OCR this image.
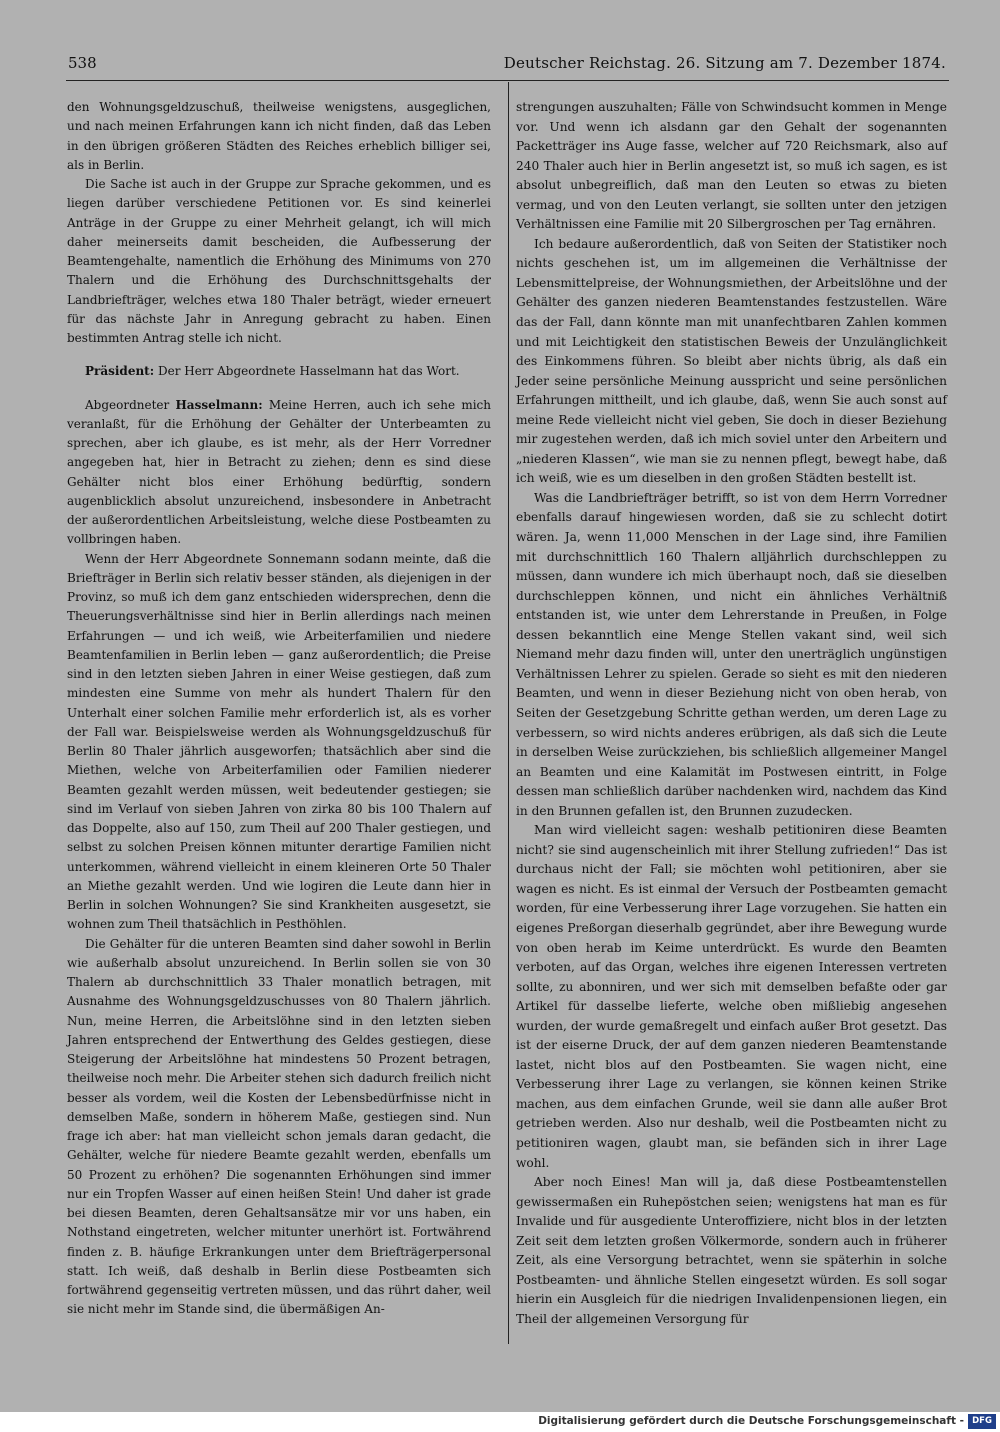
538	Deutscher Reichstag. 26. Sitzung am 7. Dezember 1874.

den Wohnungsgeldzuschuß, theilweise wenigstens, ausgeglichen, und nach meinen Erfahrungen kann ich nicht finden, daß das Leben in den übrigen größeren Städten des Reiches erheblich billiger sei, als in Berlin.

Die Sache ist auch in der Gruppe zur Sprache gekommen, und es liegen darüber verschiedene Petitionen vor. Es sind keinerlei Anträge in der Gruppe zu einer Mehrheit gelangt, ich will mich daher meinerseits damit bescheiden, die Aufbesserung der Beamtengehalte, namentlich die Erhöhung des Minimums von 270 Thalern und die Erhöhung des Durchschnittsgehalts der Landbriefträger, welches etwa 180 Thaler beträgt, wieder erneuert für das nächste Jahr in Anregung gebracht zu haben. Einen bestimmten Antrag stelle ich nicht.

Präsident: Der Herr Abgeordnete Hasselmann hat das Wort.

Abgeordneter Hasselmann: Meine Herren, auch ich sehe mich veranlaßt, für die Erhöhung der Gehälter der Unterbeamten zu sprechen, aber ich glaube, es ist mehr, als der Herr Vorredner angegeben hat, hier in Betracht zu ziehen; denn es sind diese Gehälter nicht blos einer Erhöhung bedürftig, sondern augenblicklich absolut unzureichend, insbesondere in Anbetracht der außerordentlichen Arbeitsleistung, welche diese Postbeamten zu vollbringen haben.

Wenn der Herr Abgeordnete Sonnemann sodann meinte, daß die Briefträger in Berlin sich relativ besser ständen, als diejenigen in der Provinz, so muß ich dem ganz entschieden widersprechen, denn die Theuerungsverhältnisse sind hier in Berlin allerdings nach meinen Erfahrungen — und ich weiß, wie Arbeiterfamilien und niedere Beamtenfamilien in Berlin leben — ganz außerordentlich; die Preise sind in den letzten sieben Jahren in einer Weise gestiegen, daß zum mindesten eine Summe von mehr als hundert Thalern für den Unterhalt einer solchen Familie mehr erforderlich ist, als es vorher der Fall war. Beispielsweise werden als Wohnungsgeldzuschuß für Berlin 80 Thaler jährlich ausgeworfen; thatsächlich aber sind die Miethen, welche von Arbeiterfamilien oder Familien niederer Beamten gezahlt werden müssen, weit bedeutender gestiegen; sie sind im Verlauf von sieben Jahren von zirka 80 bis 100 Thalern auf das Doppelte, also auf 150, zum Theil auf 200 Thaler gestiegen, und selbst zu solchen Preisen können mitunter derartige Familien nicht unterkommen, während vielleicht in einem kleineren Orte 50 Thaler an Miethe gezahlt werden. Und wie logiren die Leute dann hier in Berlin in solchen Wohnungen? Sie sind Krankheiten ausgesetzt, sie wohnen zum Theil thatsächlich in Pesthöhlen.

Die Gehälter für die unteren Beamten sind daher sowohl in Berlin wie außerhalb absolut unzureichend. In Berlin sollen sie von 30 Thalern ab durchschnittlich 33 Thaler monatlich betragen, mit Ausnahme des Wohnungsgeldzuschusses von 80 Thalern jährlich. Nun, meine Herren, die Arbeitslöhne sind in den letzten sieben Jahren entsprechend der Entwerthung des Geldes gestiegen, diese Steigerung der Arbeitslöhne hat mindestens 50 Prozent betragen, theilweise noch mehr. Die Arbeiter stehen sich dadurch freilich nicht besser als vordem, weil die Kosten der Lebensbedürfnisse nicht in demselben Maße, sondern in höherem Maße, gestiegen sind. Nun frage ich aber: hat man vielleicht schon jemals daran gedacht, die Gehälter, welche für niedere Beamte gezahlt werden, ebenfalls um 50 Prozent zu erhöhen? Die sogenannten Erhöhungen sind immer nur ein Tropfen Wasser auf einen heißen Stein! Und daher ist grade bei diesen Beamten, deren Gehaltsansätze mir vor uns haben, ein Nothstand eingetreten, welcher mitunter unerhört ist. Fortwährend finden z. B. häufige Erkrankungen unter dem Briefträgerpersonal statt. Ich weiß, daß deshalb in Berlin diese Postbeamten sich fortwährend gegenseitig vertreten müssen, und das rührt daher, weil sie nicht mehr im Stande sind, die übermäßigen An-

strengungen auszuhalten; Fälle von Schwindsucht kommen in Menge vor. Und wenn ich alsdann gar den Gehalt der sogenannten Packetträger ins Auge fasse, welcher auf 720 Reichsmark, also auf 240 Thaler auch hier in Berlin angesetzt ist, so muß ich sagen, es ist absolut unbegreiflich, daß man den Leuten so etwas zu bieten vermag, und von den Leuten verlangt, sie sollten unter den jetzigen Verhältnissen eine Familie mit 20 Silbergroschen per Tag ernähren.

Ich bedaure außerordentlich, daß von Seiten der Statistiker noch nichts geschehen ist, um im allgemeinen die Verhältnisse der Lebensmittelpreise, der Wohnungsmiethen, der Arbeitslöhne und der Gehälter des ganzen niederen Beamtenstandes festzustellen. Wäre das der Fall, dann könnte man mit unanfechtbaren Zahlen kommen und mit Leichtigkeit den statistischen Beweis der Unzulänglichkeit des Einkommens führen. So bleibt aber nichts übrig, als daß ein Jeder seine persönliche Meinung ausspricht und seine persönlichen Erfahrungen mittheilt, und ich glaube, daß, wenn Sie auch sonst auf meine Rede vielleicht nicht viel geben, Sie doch in dieser Beziehung mir zugestehen werden, daß ich mich soviel unter den Arbeitern und „niederen Klassen“, wie man sie zu nennen pflegt, bewegt habe, daß ich weiß, wie es um dieselben in den großen Städten bestellt ist.

Was die Landbriefträger betrifft, so ist von dem Herrn Vorredner ebenfalls darauf hingewiesen worden, daß sie zu schlecht dotirt wären. Ja, wenn 11,000 Menschen in der Lage sind, ihre Familien mit durchschnittlich 160 Thalern alljährlich durchschleppen zu müssen, dann wundere ich mich überhaupt noch, daß sie dieselben durchschleppen können, und nicht ein ähnliches Verhältniß entstanden ist, wie unter dem Lehrerstande in Preußen, in Folge dessen bekanntlich eine Menge Stellen vakant sind, weil sich Niemand mehr dazu finden will, unter den unerträglich ungünstigen Verhältnissen Lehrer zu spielen. Gerade so sieht es mit den niederen Beamten, und wenn in dieser Beziehung nicht von oben herab, von Seiten der Gesetzgebung Schritte gethan werden, um deren Lage zu verbessern, so wird nichts anderes erübrigen, als daß sich die Leute in derselben Weise zurückziehen, bis schließlich allgemeiner Mangel an Beamten und eine Kalamität im Postwesen eintritt, in Folge dessen man schließlich darüber nachdenken wird, nachdem das Kind in den Brunnen gefallen ist, den Brunnen zuzudecken.

Man wird vielleicht sagen: weshalb petitioniren diese Beamten nicht? sie sind augenscheinlich mit ihrer Stellung zufrieden!“ Das ist durchaus nicht der Fall; sie möchten wohl petitioniren, aber sie wagen es nicht. Es ist einmal der Versuch der Postbeamten gemacht worden, für eine Verbesserung ihrer Lage vorzugehen. Sie hatten ein eigenes Preßorgan dieserhalb gegründet, aber ihre Bewegung wurde von oben herab im Keime unterdrückt. Es wurde den Beamten verboten, auf das Organ, welches ihre eigenen Interessen vertreten sollte, zu abonniren, und wer sich mit demselben befaßte oder gar Artikel für dasselbe lieferte, welche oben mißliebig angesehen wurden, der wurde gemaßregelt und einfach außer Brot gesetzt. Das ist der eiserne Druck, der auf dem ganzen niederen Beamtenstande lastet, nicht blos auf den Postbeamten. Sie wagen nicht, eine Verbesserung ihrer Lage zu verlangen, sie können keinen Strike machen, aus dem einfachen Grunde, weil sie dann alle außer Brot getrieben werden. Also nur deshalb, weil die Postbeamten nicht zu petitioniren wagen, glaubt man, sie befänden sich in ihrer Lage wohl.

Aber noch Eines! Man will ja, daß diese Postbeamtenstellen gewissermaßen ein Ruhepöstchen seien; wenigstens hat man es für Invalide und für ausgediente Unteroffiziere, nicht blos in der letzten Zeit seit dem letzten großen Völkermorde, sondern auch in früherer Zeit, als eine Versorgung betrachtet, wenn sie späterhin in solche Postbeamten- und ähnliche Stellen eingesetzt würden. Es soll sogar hierin ein Ausgleich für die niedrigen Invalidenpensionen liegen, ein Theil der allgemeinen Versorgung für

Digitalisierung gefördert durch die Deutsche Forschungsgemeinschaft - DFG
